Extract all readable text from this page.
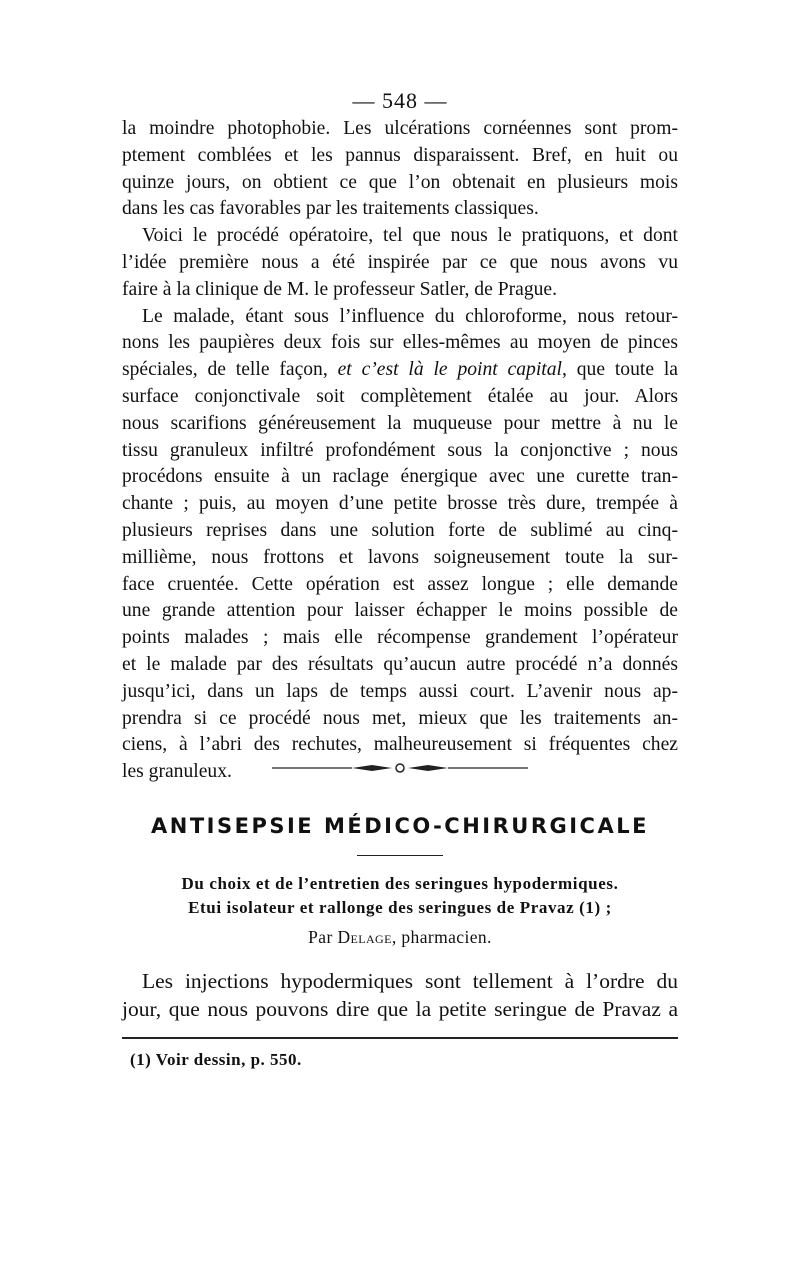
— 548 —
la moindre photophobie. Les ulcérations cornéennes sont prom-
ptement comblées et les pannus disparaissent. Bref, en huit ou
quinze jours, on obtient ce que l’on obtenait en plusieurs mois
dans les cas favorables par les traitements classiques.
Voici le procédé opératoire, tel que nous le pratiquons, et dont
l’idée première nous a été inspirée par ce que nous avons vu
faire à la clinique de M. le professeur Satler, de Prague.
Le malade, étant sous l’influence du chloroforme, nous retour-
nons les paupières deux fois sur elles-mêmes au moyen de pinces
spéciales, de telle façon, et c’est là le point capital, que toute la
surface conjonctivale soit complètement étalée au jour. Alors
nous scarifions généreusement la muqueuse pour mettre à nu le
tissu granuleux infiltré profondément sous la conjonctive ; nous
procédons ensuite à un raclage énergique avec une curette tran-
chante ; puis, au moyen d’une petite brosse très dure, trempée à
plusieurs reprises dans une solution forte de sublimé au cinq-
millième, nous frottons et lavons soigneusement toute la sur-
face cruentée. Cette opération est assez longue ; elle demande
une grande attention pour laisser échapper le moins possible de
points malades ; mais elle récompense grandement l’opérateur
et le malade par des résultats qu’aucun autre procédé n’a donnés
jusqu’ici, dans un laps de temps aussi court. L’avenir nous ap-
prendra si ce procédé nous met, mieux que les traitements an-
ciens, à l’abri des rechutes, malheureusement si fréquentes chez
les granuleux.
ANTISEPSIE MÉDICO-CHIRURGICALE
Du choix et de l’entretien des seringues hypodermiques.
Etui isolateur et rallonge des seringues de Pravaz (1) ;
Par Delage, pharmacien.
Les injections hypodermiques sont tellement à l’ordre du
jour, que nous pouvons dire que la petite seringue de Pravaz a
(1) Voir dessin, p. 550.
